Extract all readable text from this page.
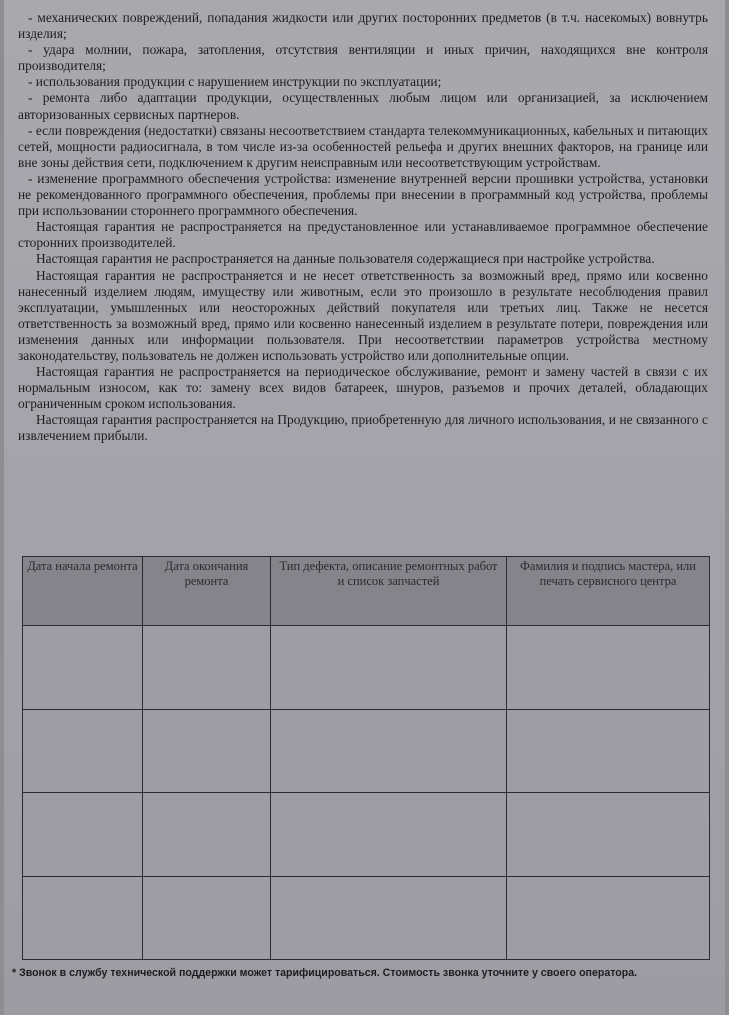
- механических повреждений, попадания жидкости или других посторонних предметов (в т.ч. насекомых) вовнутрь изделия;

- удара молнии, пожара, затопления, отсутствия вентиляции и иных причин, находящихся вне контроля производителя;

- использования продукции с нарушением инструкции по эксплуатации;

- ремонта либо адаптации продукции, осуществленных любым лицом или организацией, за исключением авторизованных сервисных партнеров.

- если повреждения (недостатки) связаны несоответствием стандарта телекоммуникационных, кабельных и питающих сетей, мощности радиосигнала, в том числе из-за особенностей рельефа и других внешних факторов, на границе или вне зоны действия сети, подключением к другим неисправным или несоответствующим устройствам.

- изменение программного обеспечения устройства: изменение внутренней версии прошивки устройства, установки не рекомендованного программного обеспечения, проблемы при внесении в программный код устройства, проблемы при использовании стороннего программного обеспечения.

Настоящая гарантия не распространяется на предустановленное или устанавливаемое программное обеспечение сторонних производителей.

Настоящая гарантия не распространяется на данные пользователя содержащиеся при настройке устройства.

Настоящая гарантия не распространяется и не несет ответственность за возможный вред, прямо или косвенно нанесенный изделием людям, имуществу или животным, если это произошло в результате несоблюдения правил эксплуатации, умышленных или неосторожных действий покупателя или третьих лиц. Также не несется ответственность за возможный вред, прямо или косвенно нанесенный изделием в результате потери, повреждения или изменения данных или информации пользователя. При несоответствии параметров устройства местному законодательству, пользователь не должен использовать устройство или дополнительные опции.

Настоящая гарантия не распространяется на периодическое обслуживание, ремонт и замену частей в связи с их нормальным износом, как то: замену всех видов батареек, шнуров, разъемов и прочих деталей, обладающих ограниченным сроком использования.

Настоящая гарантия распространяется на Продукцию, приобретенную для личного использования, и не связанного с извлечением прибыли.

Дата начала ремонта	Дата окончания ремонта	Тип дефекта, описание ремонтных работ и список запчастей	Фамилия и подпись мастера, или печать сервисного центра

* Звонок в службу технической поддержки может тарифицироваться. Стоимость звонка уточните у своего оператора.
